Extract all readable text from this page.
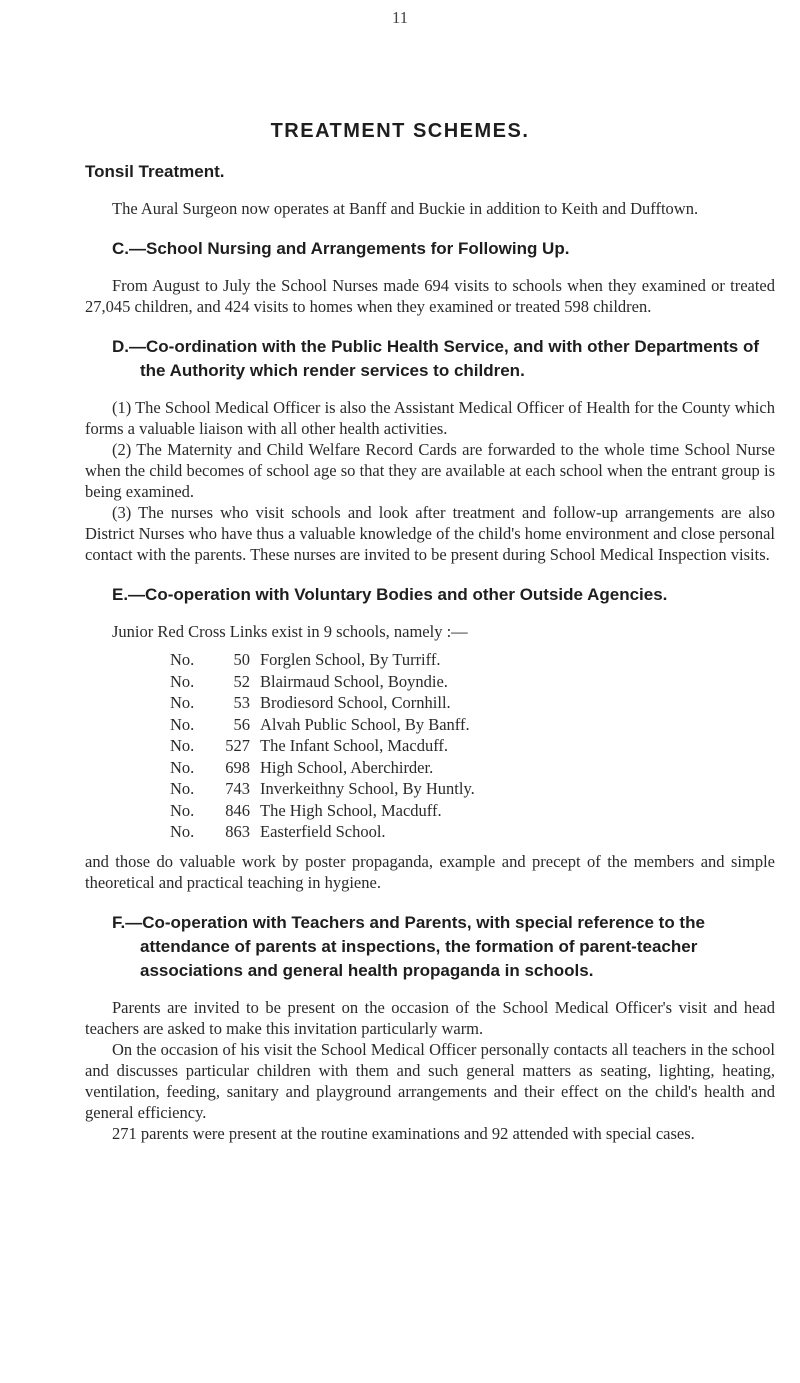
11
TREATMENT SCHEMES.
Tonsil Treatment.

The Aural Surgeon now operates at Banff and Buckie in addition to Keith and Dufftown.

C.—School Nursing and Arrangements for Following Up.

From August to July the School Nurses made 694 visits to schools when they examined or treated 27,045 children, and 424 visits to homes when they examined or treated 598 children.

D.—Co-ordination with the Public Health Service, and with other Departments of the Authority which render services to children.

(1) The School Medical Officer is also the Assistant Medical Officer of Health for the County which forms a valuable liaison with all other health activities.

(2) The Maternity and Child Welfare Record Cards are forwarded to the whole time School Nurse when the child becomes of school age so that they are available at each school when the entrant group is being examined.

(3) The nurses who visit schools and look after treatment and follow-up arrangements are also District Nurses who have thus a valuable knowledge of the child's home environment and close personal contact with the parents. These nurses are invited to be present during School Medical Inspection visits.

E.—Co-operation with Voluntary Bodies and other Outside Agencies.
Junior Red Cross Links exist in 9 schools, namely :—
No.	50	Forglen School, By Turriff.
No.	52	Blairmaud School, Boyndie.
No.	53	Brodiesord School, Cornhill.
No.	56	Alvah Public School, By Banff.
No.	527	The Infant School, Macduff.
No.	698	High School, Aberchirder.
No.	743	Inverkeithny School, By Huntly.
No.	846	The High School, Macduff.
No.	863	Easterfield School.

and those do valuable work by poster propaganda, example and precept of the members and simple theoretical and practical teaching in hygiene.

F.—Co-operation with Teachers and Parents, with special reference to the attendance of parents at inspections, the formation of parent-teacher associations and general health propaganda in schools.

Parents are invited to be present on the occasion of the School Medical Officer's visit and head teachers are asked to make this invitation particularly warm.

On the occasion of his visit the School Medical Officer personally contacts all teachers in the school and discusses particular children with them and such general matters as seating, lighting, heating, ventilation, feeding, sanitary and playground arrangements and their effect on the child's health and general efficiency.

271 parents were present at the routine examinations and 92 attended with special cases.
